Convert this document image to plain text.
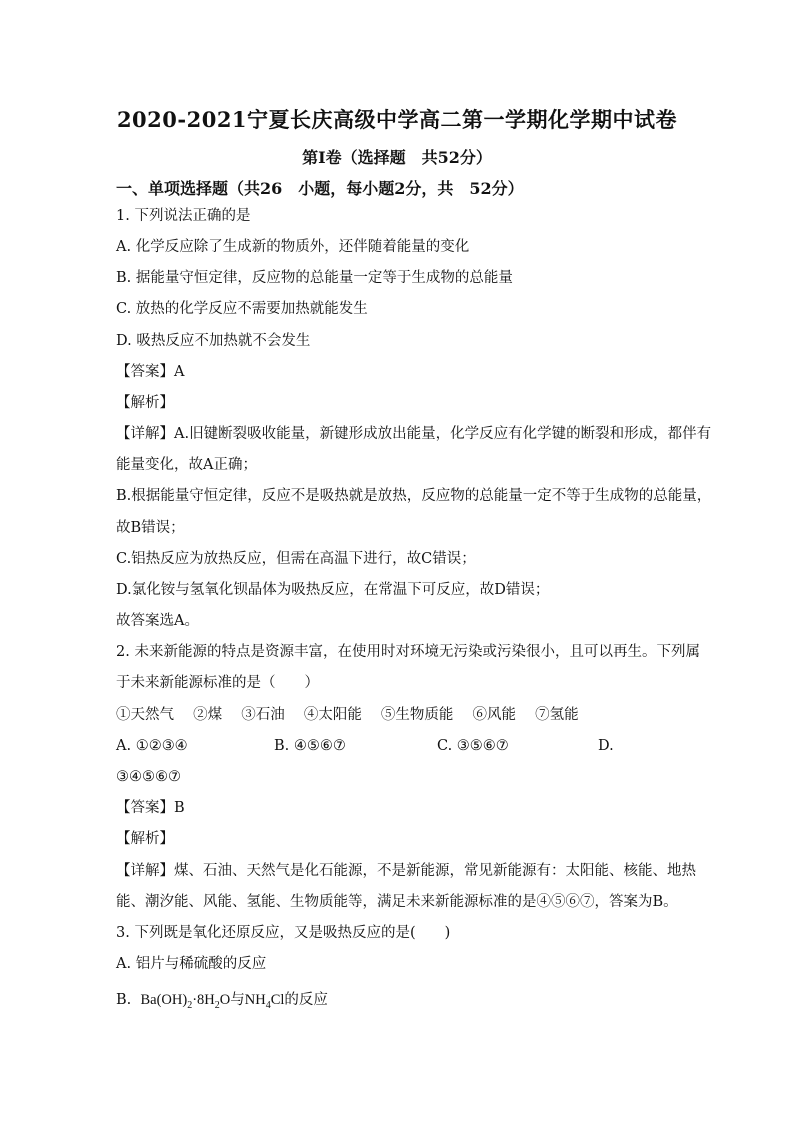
2020-2021宁夏长庆高级中学高二第一学期化学期中试卷
第Ⅰ卷（选择题　共52分）
一、单项选择题（共26　小题，每小题2分，共　52分）
1. 下列说法正确的是
A. 化学反应除了生成新的物质外，还伴随着能量的变化
B. 据能量守恒定律，反应物的总能量一定等于生成物的总能量
C. 放热的化学反应不需要加热就能发生
D. 吸热反应不加热就不会发生
【答案】A
【解析】
【详解】A.旧键断裂吸收能量，新键形成放出能量，化学反应有化学键的断裂和形成，都伴有
能量变化，故A正确；
B.根据能量守恒定律，反应不是吸热就是放热，反应物的总能量一定不等于生成物的总能量，
故B错误；
C.铝热反应为放热反应，但需在高温下进行，故C错误；
D.氯化铵与氢氧化钡晶体为吸热反应，在常温下可反应，故D错误；
故答案选A。
2. 未来新能源的特点是资源丰富，在使用时对环境无污染或污染很小，且可以再生。下列属
于未来新能源标准的是（　　）
①天然气　 ②煤　 ③石油　 ④太阳能　 ⑤生物质能　 ⑥风能　 ⑦氢能
A. ①②③④	B. ④⑤⑥⑦	C. ③⑤⑥⑦	D.
③④⑤⑥⑦
【答案】B
【解析】
【详解】煤、石油、天然气是化石能源，不是新能源，常见新能源有：太阳能、核能、地热
能、潮汐能、风能、氢能、生物质能等，满足未来新能源标准的是④⑤⑥⑦，答案为B。
3. 下列既是氧化还原反应，又是吸热反应的是(　　)
A. 铝片与稀硫酸的反应
B. $Ba(OH)_2\cdot 8H_2O$与$NH_4Cl$的反应
